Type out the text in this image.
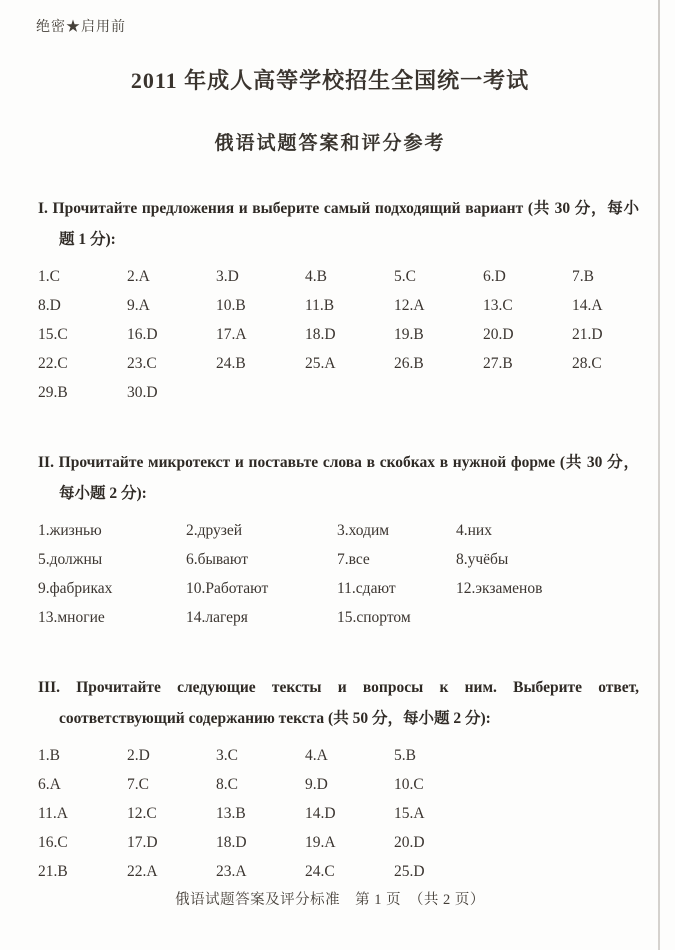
绝密★启用前
2011 年成人高等学校招生全国统一考试
俄语试题答案和评分参考
I. Прочитайте предложения и выберите самый подходящий вариант (共 30 分，每小题 1 分):
1.C	2.A	3.D	4.B	5.C	6.D	7.B
8.D	9.A	10.B	11.B	12.A	13.C	14.A
15.C	16.D	17.A	18.D	19.B	20.D	21.D
22.C	23.C	24.B	25.A	26.B	27.B	28.C
29.B	30.D
II. Прочитайте микротекст и поставьте слова в скобках в нужной форме (共 30 分，每小题 2 分):
1.жизнью	2.друзей	3.ходим	4.них
5.должны	6.бывают	7.все	8.учёбы
9.фабриках	10.Работают	11.сдают	12.экзаменов
13.многие	14.лагеря	15.спортом
III. Прочитайте следующие тексты и вопросы к ним. Выберите ответ, соответствующий содержанию текста (共 50 分，每小题 2 分):
1.B	2.D	3.C	4.A	5.B
6.A	7.C	8.C	9.D	10.C
11.A	12.C	13.B	14.D	15.A
16.C	17.D	18.D	19.A	20.D
21.B	22.A	23.A	24.C	25.D
俄语试题答案及评分标准　第 1 页　（共 2 页）
